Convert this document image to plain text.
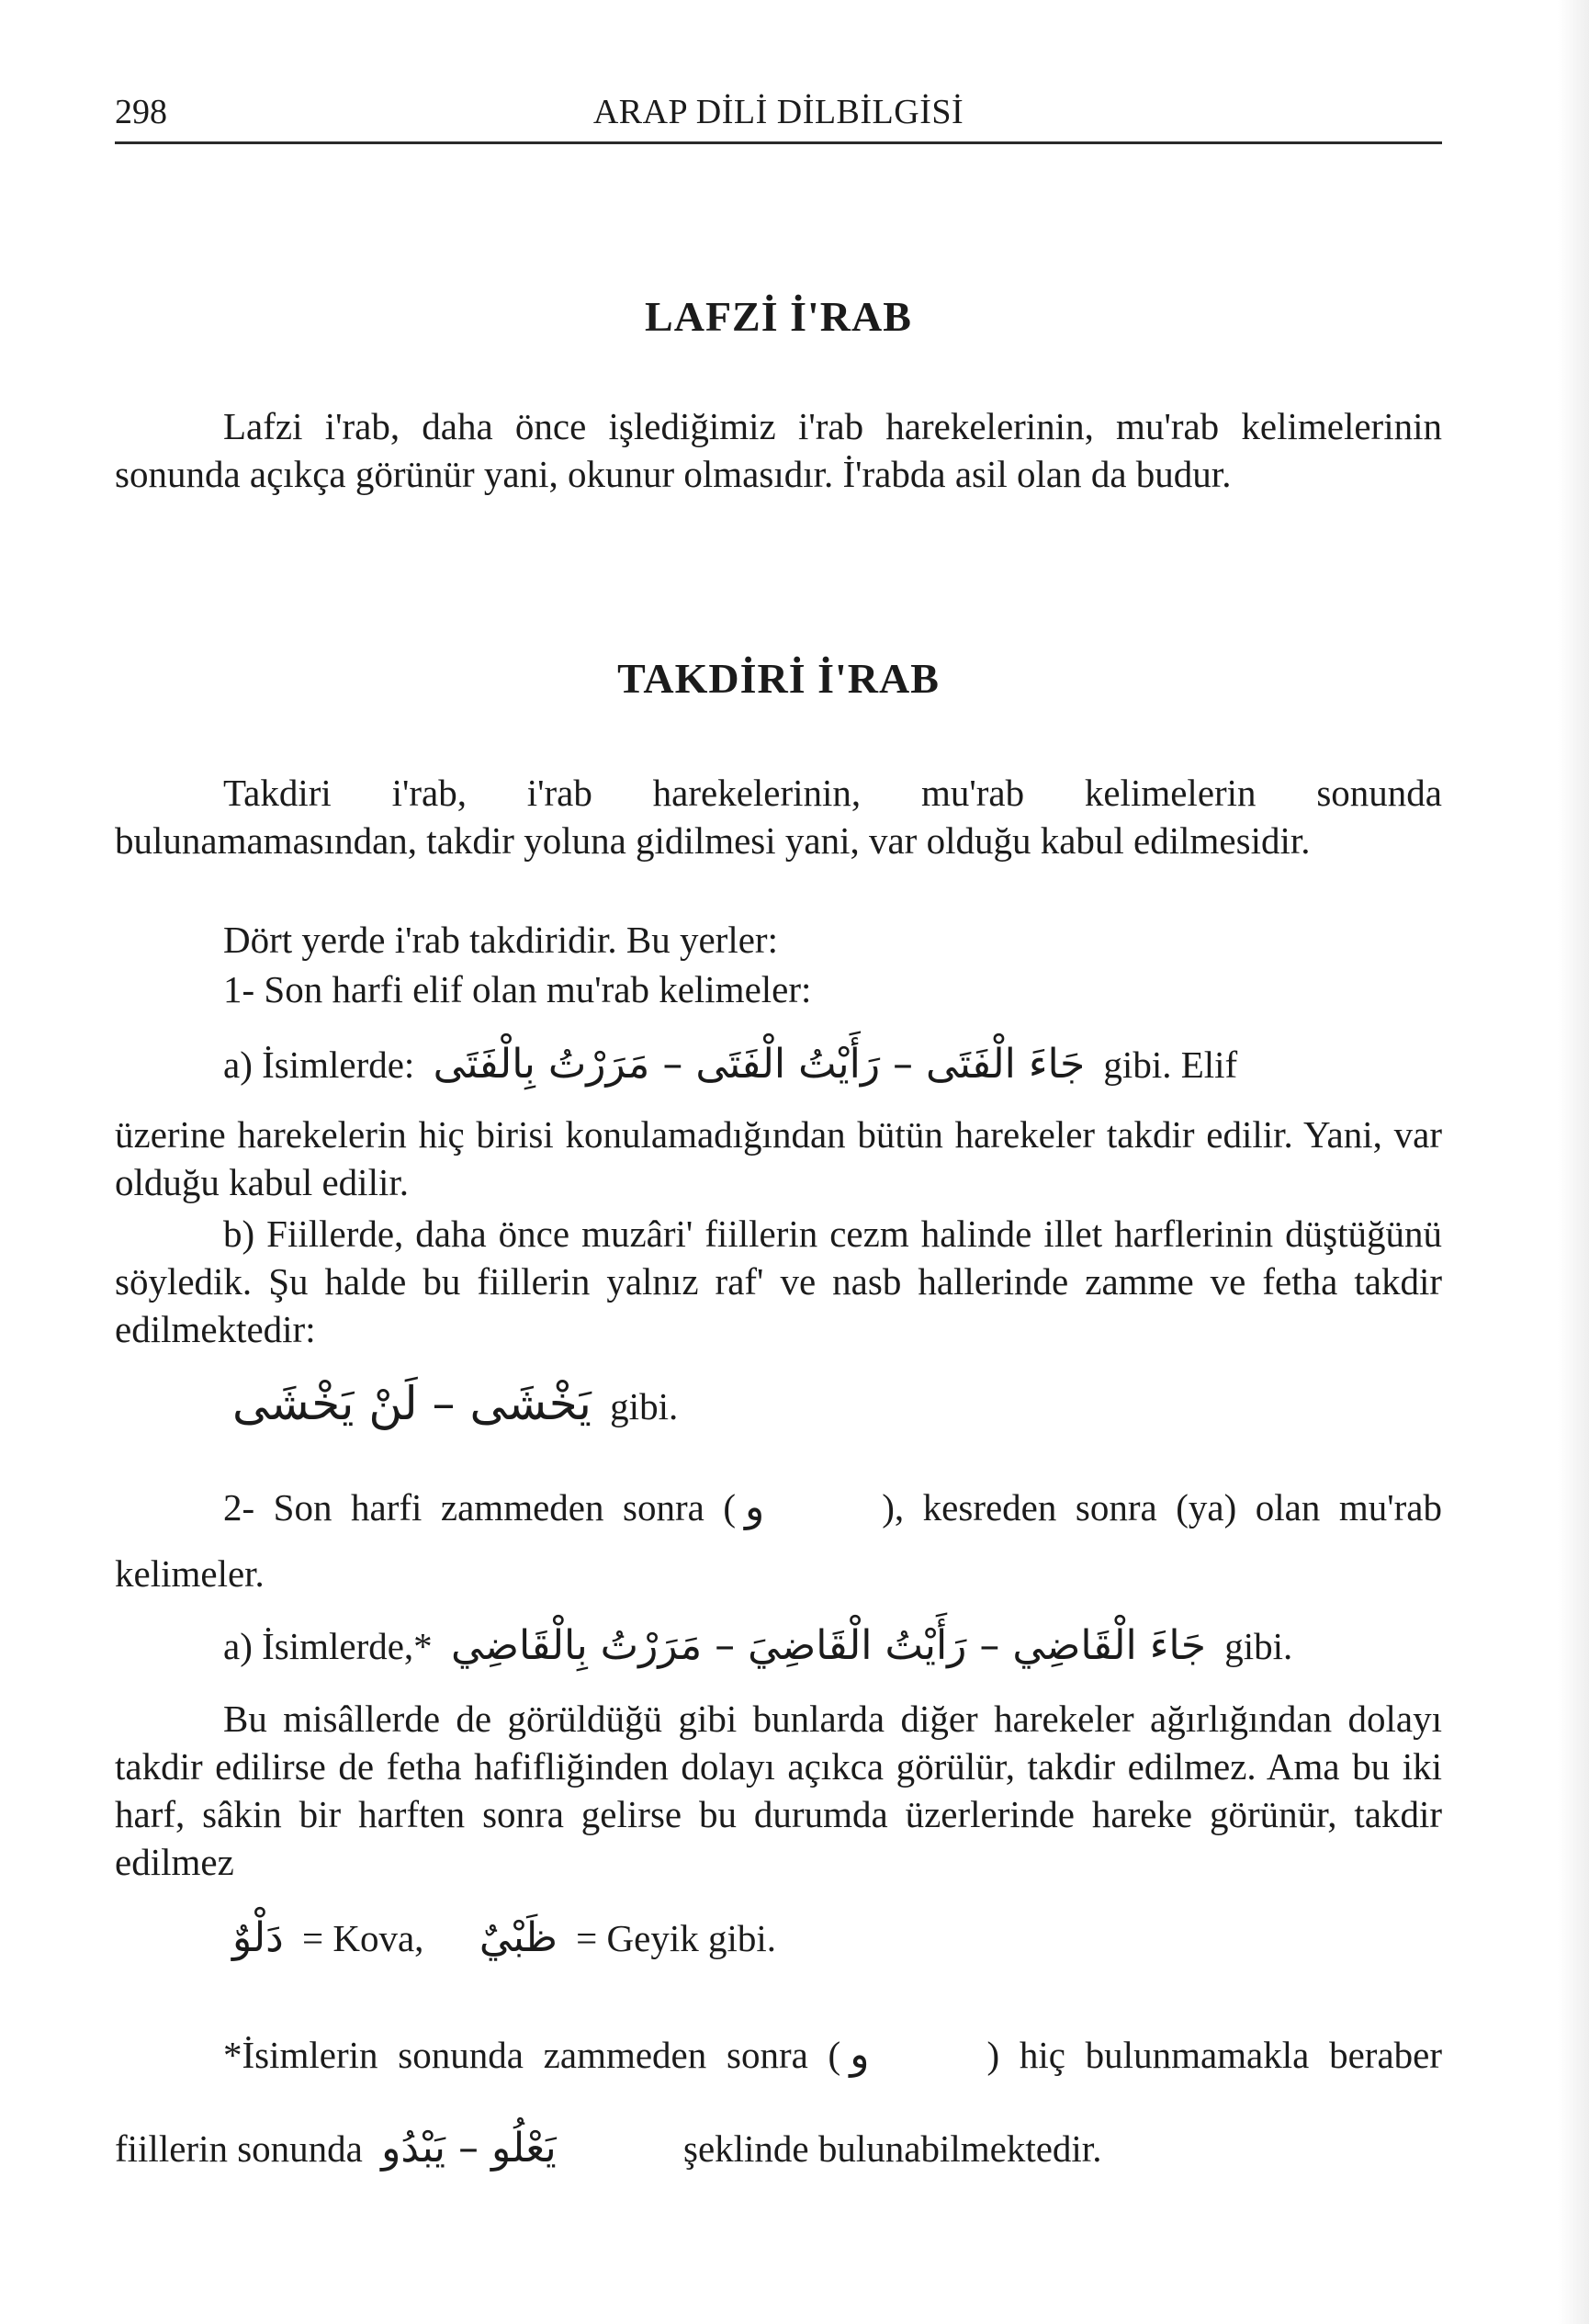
298	ARAP DİLİ DİLBİLGİSİ
LAFZİ İ'RAB

Lafzi i'rab, daha önce işlediğimiz i'rab harekelerinin, mu'rab kelimelerinin sonunda açıkça görünür yani, okunur olmasıdır. İ'rabda asil olan da budur.

TAKDİRİ İ'RAB

Takdiri i'rab, i'rab harekelerinin, mu'rab kelimelerin sonunda bulunamamasından, takdir yoluna gidilmesi yani, var olduğu kabul edilmesidir.

Dört yerde i'rab takdiridir. Bu yerler:
1- Son harfi elif olan mu'rab kelimeler:
a) İsimlerde: جَاءَ الْفَتَى – رَأَيْتُ الْفَتَى – مَرَرْتُ بِالْفَتَى gibi. Elif

üzerine harekelerin hiç birisi konulamadığından bütün harekeler takdir edilir. Yani, var olduğu kabul edilir.

b) Fiillerde, daha önce muzâri' fiillerin cezm halinde illet harflerinin düştüğünü söyledik. Şu halde bu fiillerin yalnız raf' ve nasb hallerinde zamme ve fetha takdir edilmektedir:

يَخْشَى – لَنْ يَخْشَى gibi.

2- Son harfi zammeden sonra ( و	), kesreden sonra (ya) olan mu'rab kelimeler.

a) İsimlerde,* جَاءَ الْقَاضِي – رَأَيْتُ الْقَاضِيَ – مَرَرْتُ بِالْقَاضِي gibi.

Bu misâllerde de görüldüğü gibi bunlarda diğer harekeler ağırlığından dolayı takdir edilirse de fetha hafifliğinden dolayı açıkca görülür, takdir edilmez. Ama bu iki harf, sâkin bir harften sonra gelirse bu durumda üzerlerinde hareke görünür, takdir edilmez

دَلْوٌ = Kova, ظَبْيٌ = Geyik gibi.

*İsimlerin sonunda zammeden sonra ( و	) hiç bulunmamakla beraber fiillerin sonunda يَعْلُو – يَبْدُو	şeklinde bulunabilmektedir.
